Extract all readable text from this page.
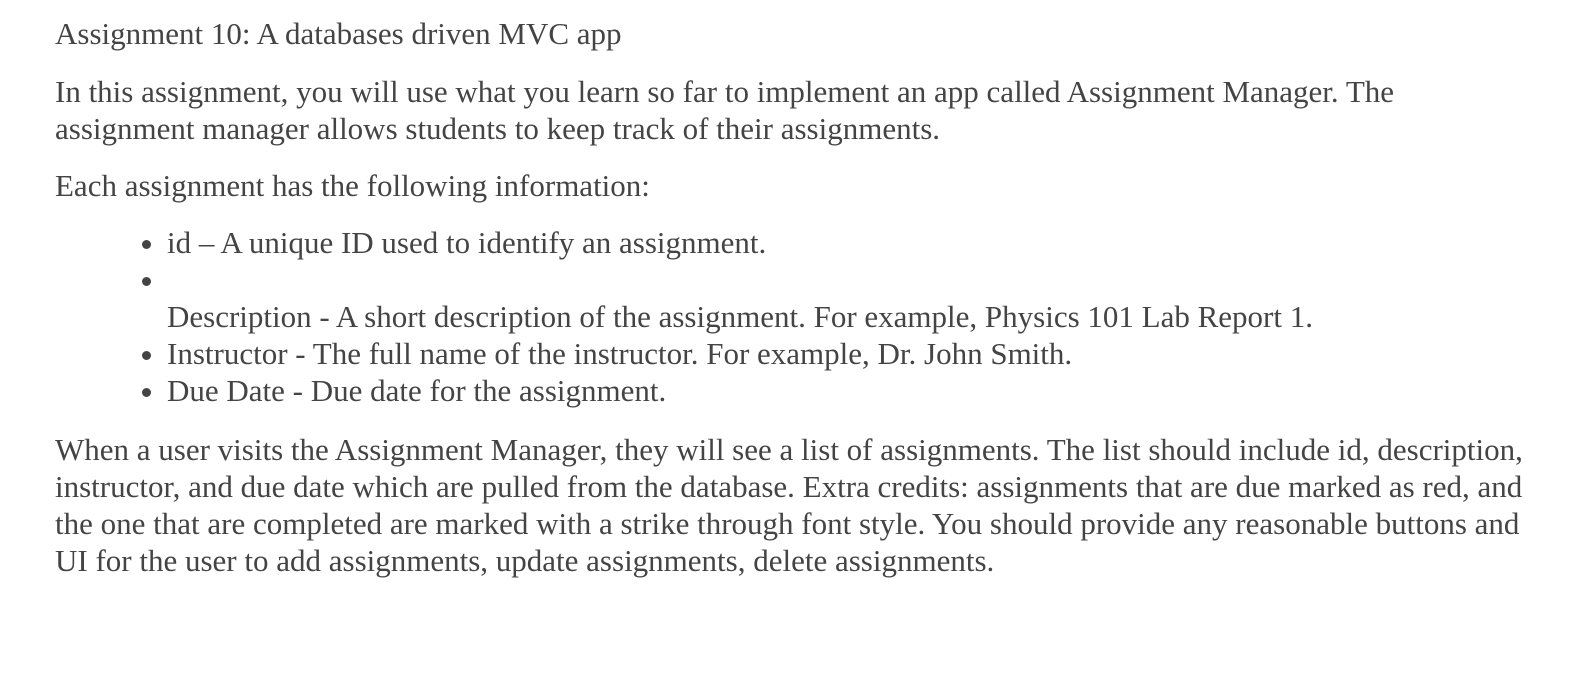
Assignment 10: A databases driven MVC app

In this assignment, you will use what you learn so far to implement an app called Assignment Manager. The assignment manager allows students to keep track of their assignments.

Each assignment has the following information:

id – A unique ID used to identify an assignment.
Description - A short description of the assignment. For example, Physics 101 Lab Report 1.
Instructor - The full name of the instructor. For example, Dr. John Smith.
Due Date - Due date for the assignment.

When a user visits the Assignment Manager, they will see a list of assignments. The list should include id, description, instructor, and due date which are pulled from the database. Extra credits: assignments that are due marked as red, and the one that are completed are marked with a strike through font style. You should provide any reasonable buttons and UI for the user to add assignments, update assignments, delete assignments.
